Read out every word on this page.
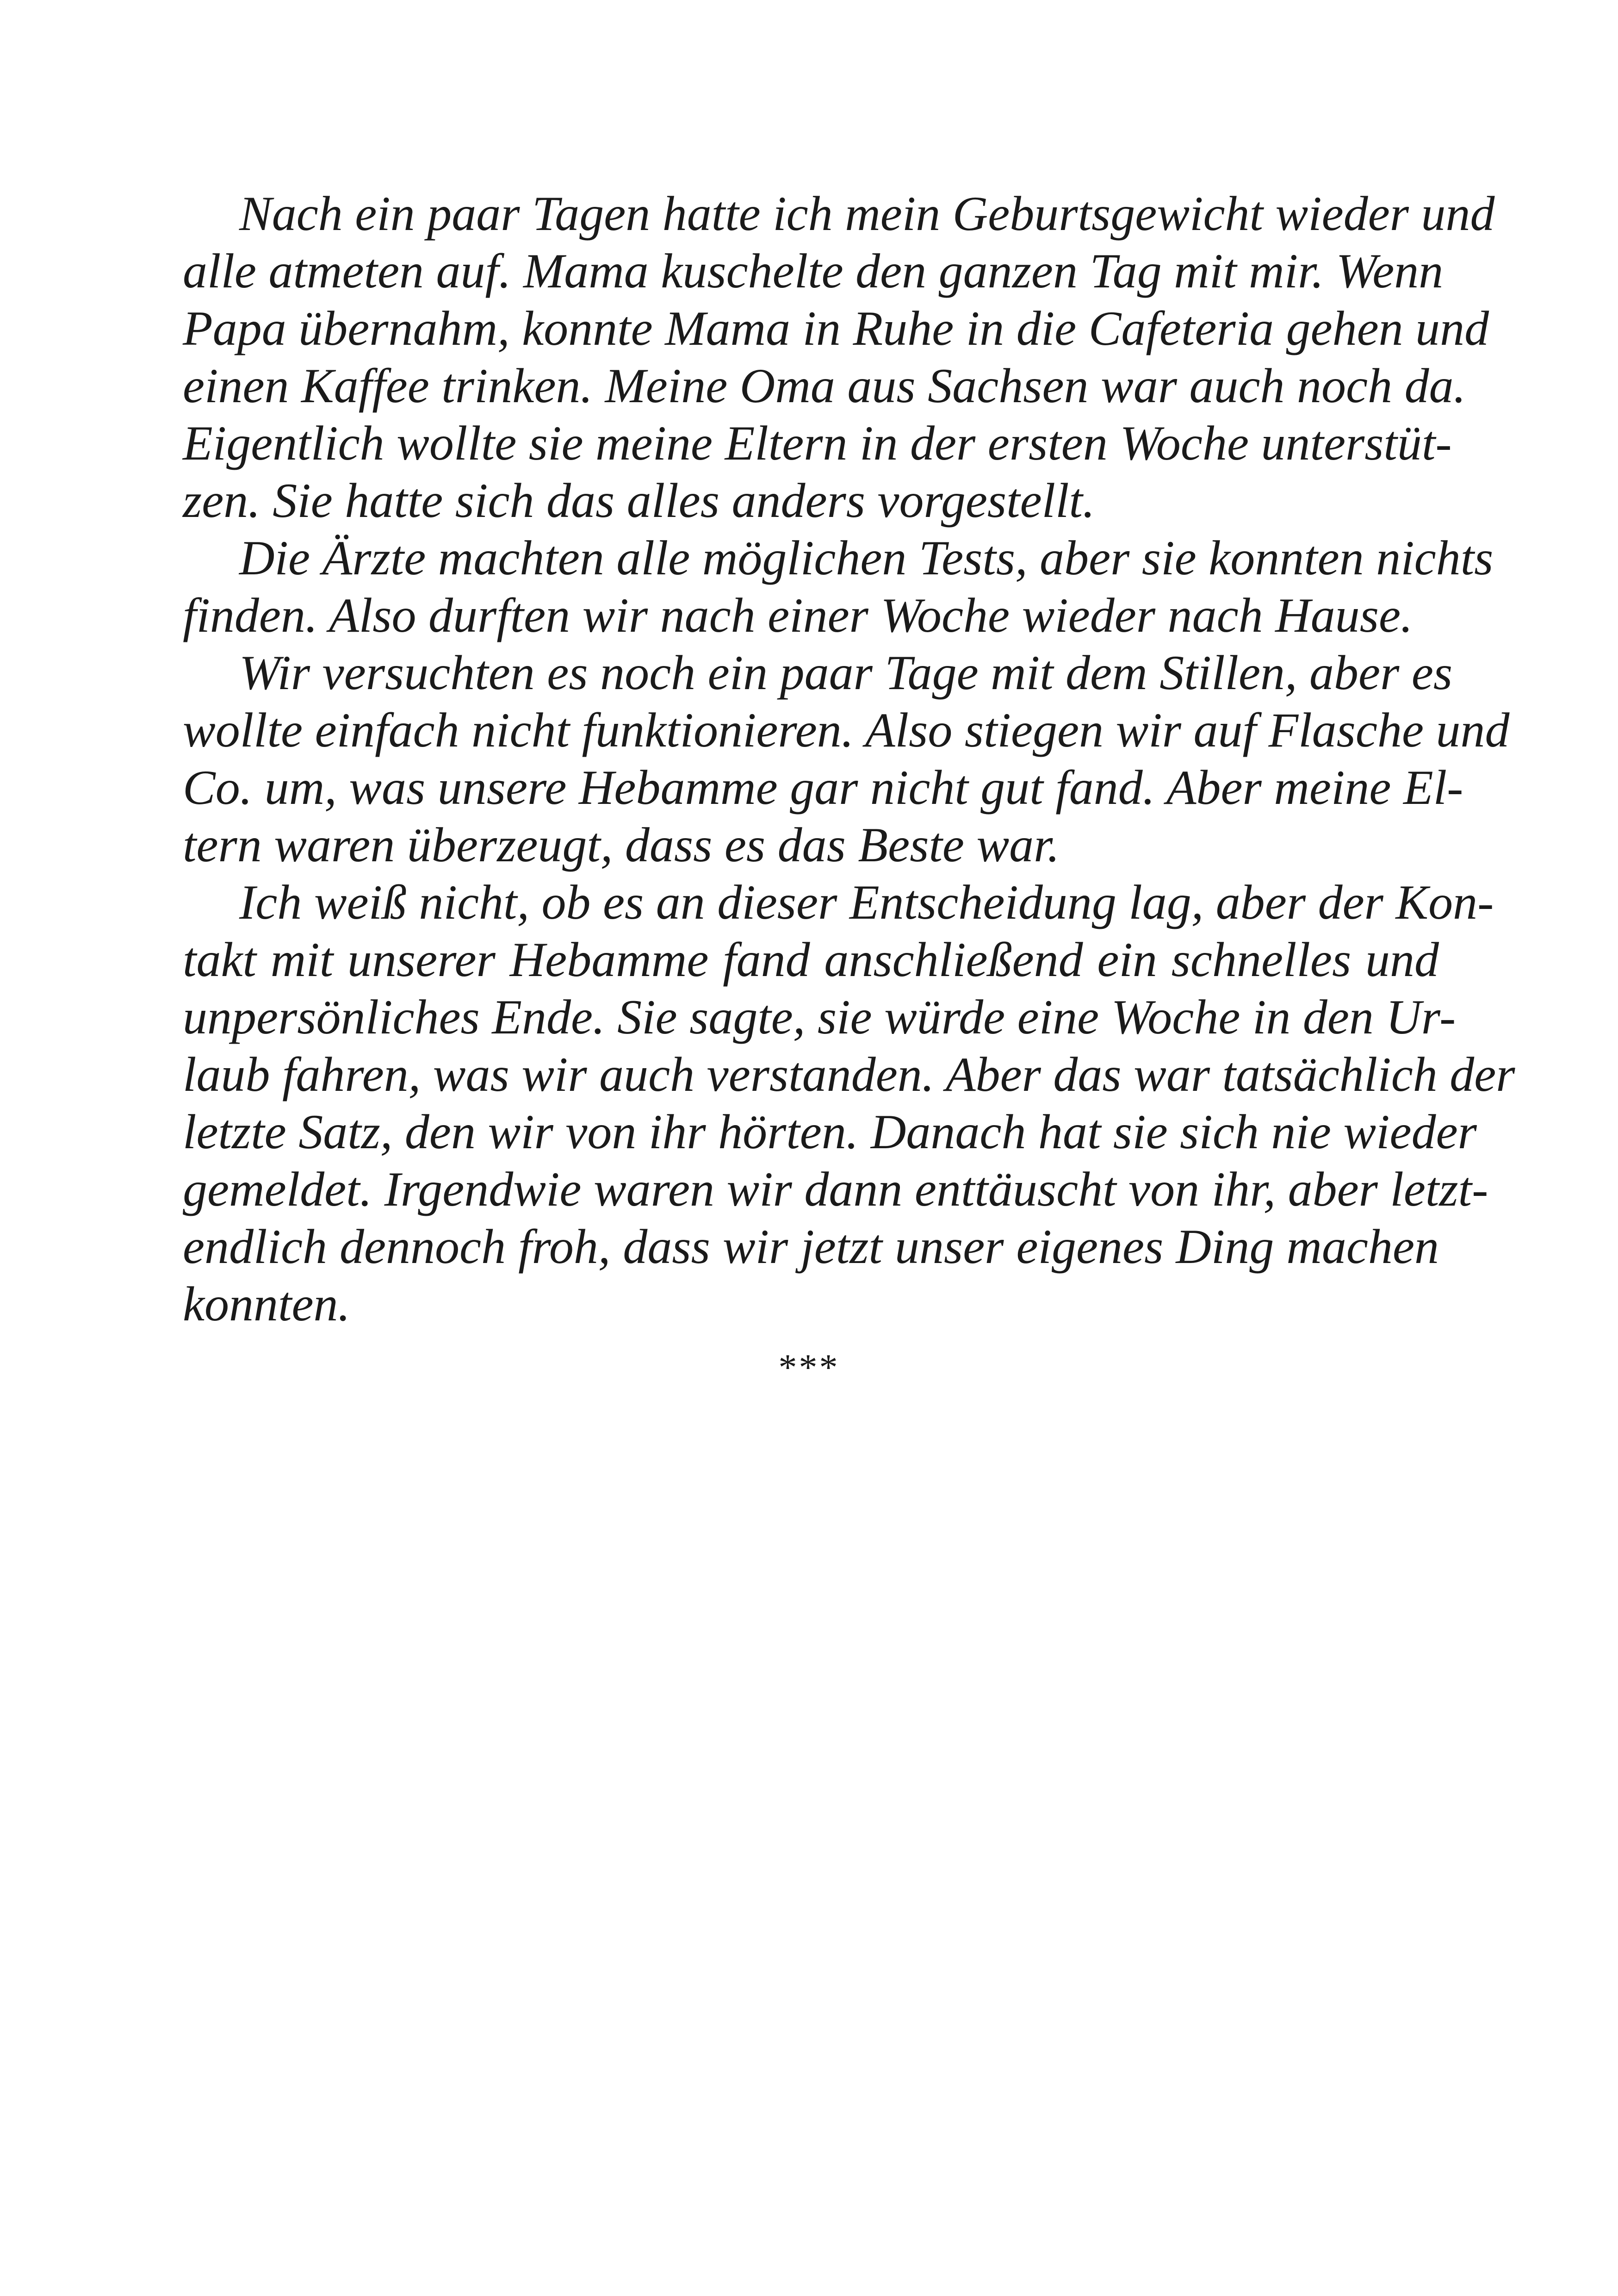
Nach ein paar Tagen hatte ich mein Geburtsgewicht wieder und
alle atmeten auf. Mama kuschelte den ganzen Tag mit mir. Wenn
Papa übernahm, konnte Mama in Ruhe in die Cafeteria gehen und
einen Kaffee trinken. Meine Oma aus Sachsen war auch noch da.
Eigentlich wollte sie meine Eltern in der ersten Woche unterstüt-
zen. Sie hatte sich das alles anders vorgestellt.
Die Ärzte machten alle möglichen Tests, aber sie konnten nichts
finden. Also durften wir nach einer Woche wieder nach Hause.
Wir versuchten es noch ein paar Tage mit dem Stillen, aber es
wollte einfach nicht funktionieren. Also stiegen wir auf Flasche und
Co. um, was unsere Hebamme gar nicht gut fand. Aber meine El-
tern waren überzeugt, dass es das Beste war.
Ich weiß nicht, ob es an dieser Entscheidung lag, aber der Kon-
takt mit unserer Hebamme fand anschließend ein schnelles und
unpersönliches Ende. Sie sagte, sie würde eine Woche in den Ur-
laub fahren, was wir auch verstanden. Aber das war tatsächlich der
letzte Satz, den wir von ihr hörten. Danach hat sie sich nie wieder
gemeldet. Irgendwie waren wir dann enttäuscht von ihr, aber letzt-
endlich dennoch froh, dass wir jetzt unser eigenes Ding machen
konnten.
***
